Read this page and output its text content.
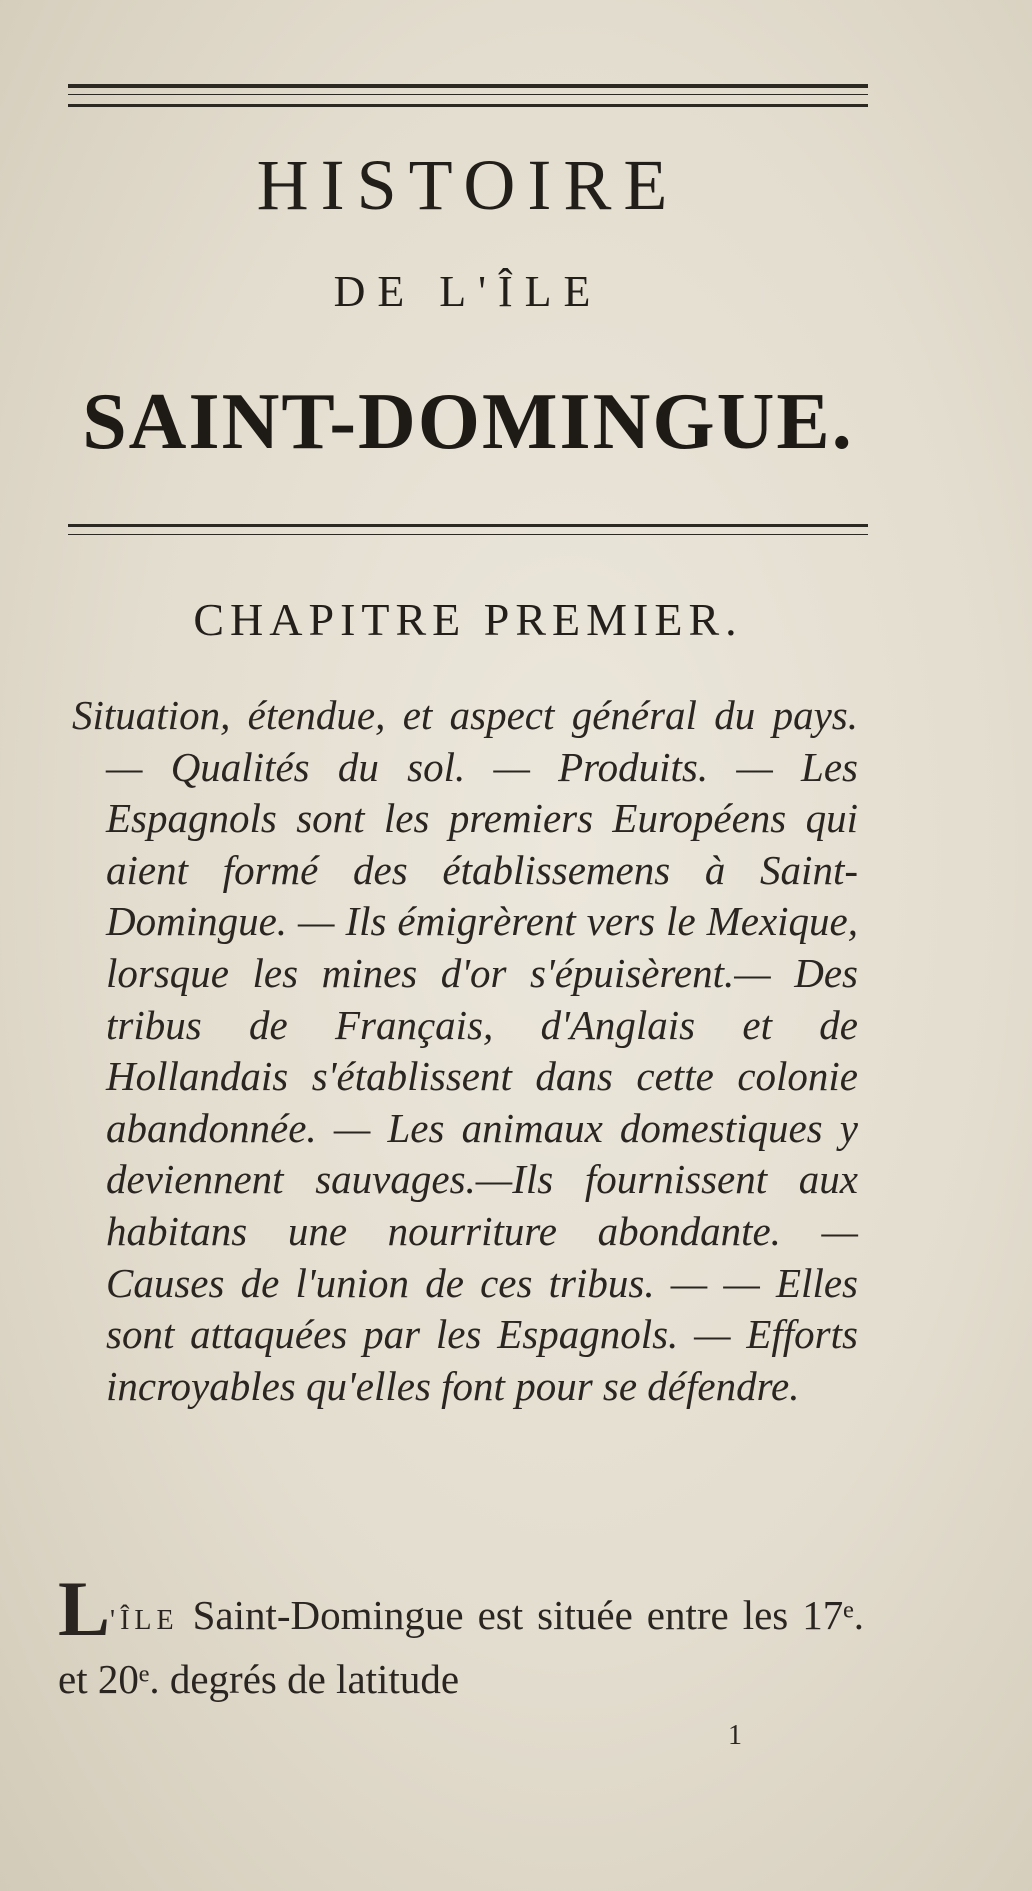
HISTOIRE
DE L'ÎLE
SAINT-DOMINGUE.
CHAPITRE PREMIER.

Situation, étendue, et aspect général du pays. — Qualités du sol. — Produits. — Les Espagnols sont les premiers Européens qui aient formé des établissemens à Saint-Domingue. — Ils émigrèrent vers le Mexique, lorsque les mines d'or s'épuisèrent.— Des tribus de Français, d'Anglais et de Hollandais s'établissent dans cette colonie abandonnée. — Les animaux domestiques y deviennent sauvages.—Ils fournissent aux habitans une nourriture abondante. — Causes de l'union de ces tribus. — — Elles sont attaquées par les Espagnols. — Efforts incroyables qu'elles font pour se défendre.

L'ÎLE Saint-Domingue est située entre les 17ᵉ. et 20ᵉ. degrés de latitude

1
